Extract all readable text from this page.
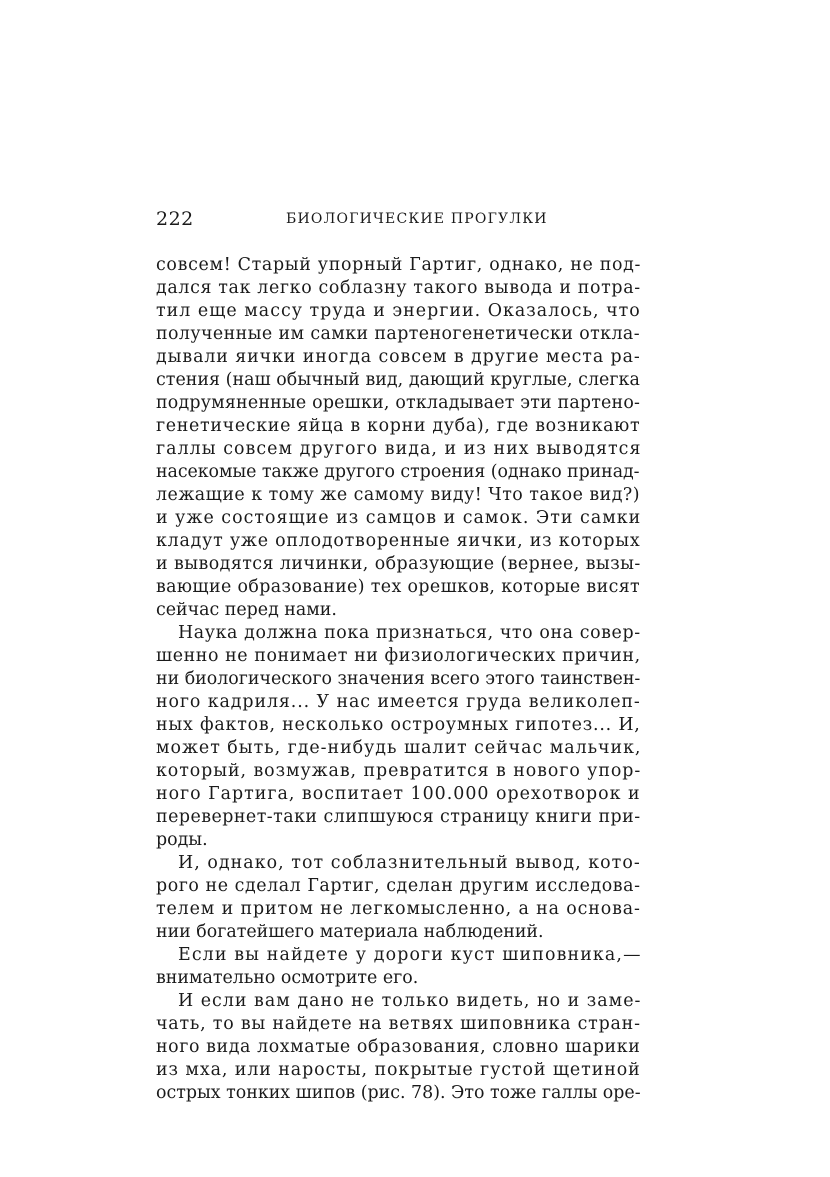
222	БИОЛОГИЧЕСКИЕ ПРОГУЛКИ
совсем! Старый упорный Гартиг, однако, не под-
дался так легко соблазну такого вывода и потра-
тил еще массу труда и энергии. Оказалось, что
полученные им самки партеногенетически откла-
дывали яички иногда совсем в другие места ра-
стения (наш обычный вид, дающий круглые, слегка
подрумяненные орешки, откладывает эти партено-
генетические яйца в корни дуба), где возникают
галлы совсем другого вида, и из них выводятся
насекомые также другого строения (однако принад-
лежащие к тому же самому виду! Что такое вид?)
и уже состоящие из самцов и самок. Эти самки
кладут уже оплодотворенные яички, из которых
и выводятся личинки, образующие (вернее, вызы-
вающие образование) тех орешков, которые висят
сейчас перед нами.
Наука должна пока признаться, что она совер-
шенно не понимает ни физиологических причин,
ни биологического значения всего этого таинствен-
ного кадриля... У нас имеется груда великолеп-
ных фактов, несколько остроумных гипотез... И,
может быть, где-нибудь шалит сейчас мальчик,
который, возмужав, превратится в нового упор-
ного Гартига, воспитает 100.000 орехотворок и
перевернет-таки слипшуюся страницу книги при-
роды.
И, однако, тот соблазнительный вывод, кото-
рого не сделал Гартиг, сделан другим исследова-
телем и притом не легкомысленно, а на основа-
нии богатейшего материала наблюдений.
Если вы найдете у дороги куст шиповника,—
внимательно осмотрите его.
И если вам дано не только видеть, но и заме-
чать, то вы найдете на ветвях шиповника стран-
ного вида лохматые образования, словно шарики
из мха, или наросты, покрытые густой щетиной
острых тонких шипов (рис. 78). Это тоже галлы оре-
